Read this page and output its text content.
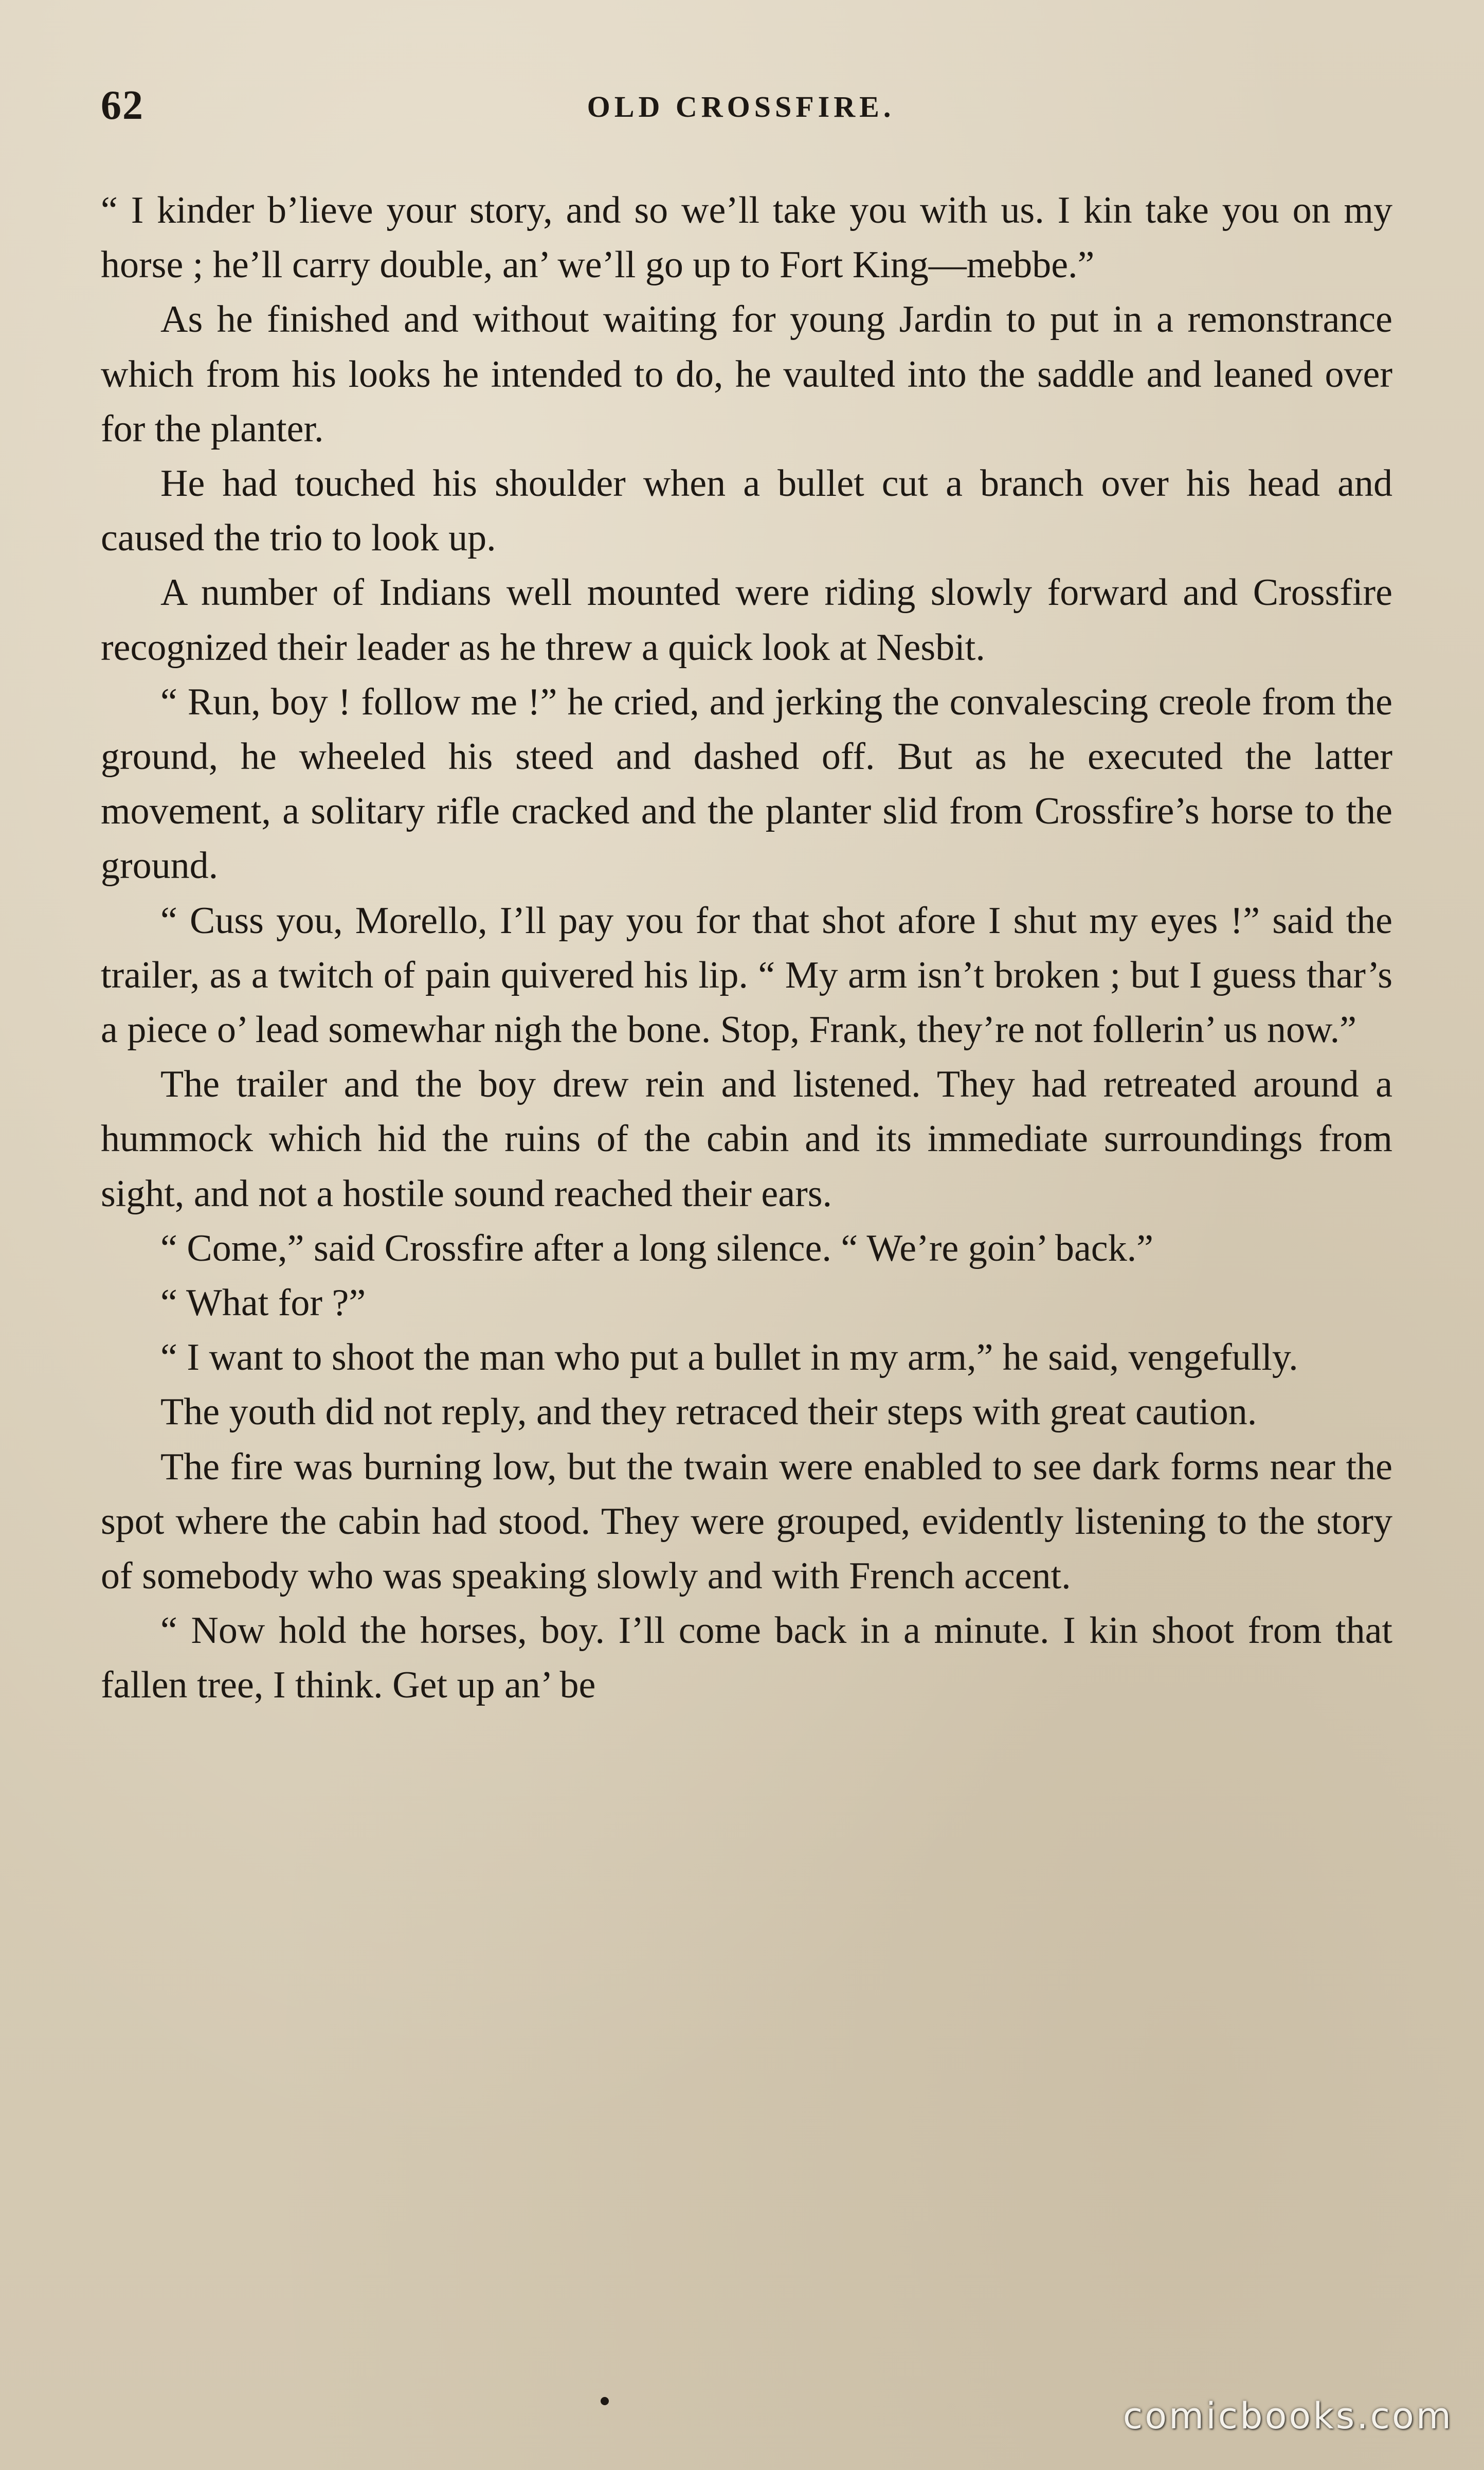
62	OLD CROSSFIRE.

“ I kinder b’lieve your story, and so we’ll take you with us. I kin take you on my horse ; he’ll carry double, an’ we’ll go up to Fort King—mebbe.”

As he finished and without waiting for young Jardin to put in a remonstrance which from his looks he intended to do, he vaulted into the saddle and leaned over for the planter.

He had touched his shoulder when a bullet cut a branch over his head and caused the trio to look up.

A number of Indians well mounted were riding slowly forward and Crossfire recognized their leader as he threw a quick look at Nesbit.

“ Run, boy ! follow me !” he cried, and jerking the convalescing creole from the ground, he wheeled his steed and dashed off. But as he executed the latter movement, a solitary rifle cracked and the planter slid from Crossfire’s horse to the ground.

“ Cuss you, Morello, I’ll pay you for that shot afore I shut my eyes !” said the trailer, as a twitch of pain quivered his lip. “ My arm isn’t broken ; but I guess thar’s a piece o’ lead somewhar nigh the bone. Stop, Frank, they’re not follerin’ us now.”

The trailer and the boy drew rein and listened. They had retreated around a hummock which hid the ruins of the cabin and its immediate surroundings from sight, and not a hostile sound reached their ears.

“ Come,” said Crossfire after a long silence. “ We’re goin’ back.”

“ What for ?”

“ I want to shoot the man who put a bullet in my arm,” he said, vengefully.

The youth did not reply, and they retraced their steps with great caution.

The fire was burning low, but the twain were enabled to see dark forms near the spot where the cabin had stood. They were grouped, evidently listening to the story of somebody who was speaking slowly and with French accent.

“ Now hold the horses, boy. I’ll come back in a minute. I kin shoot from that fallen tree, I think. Get up an’ be

comicbooks.com
